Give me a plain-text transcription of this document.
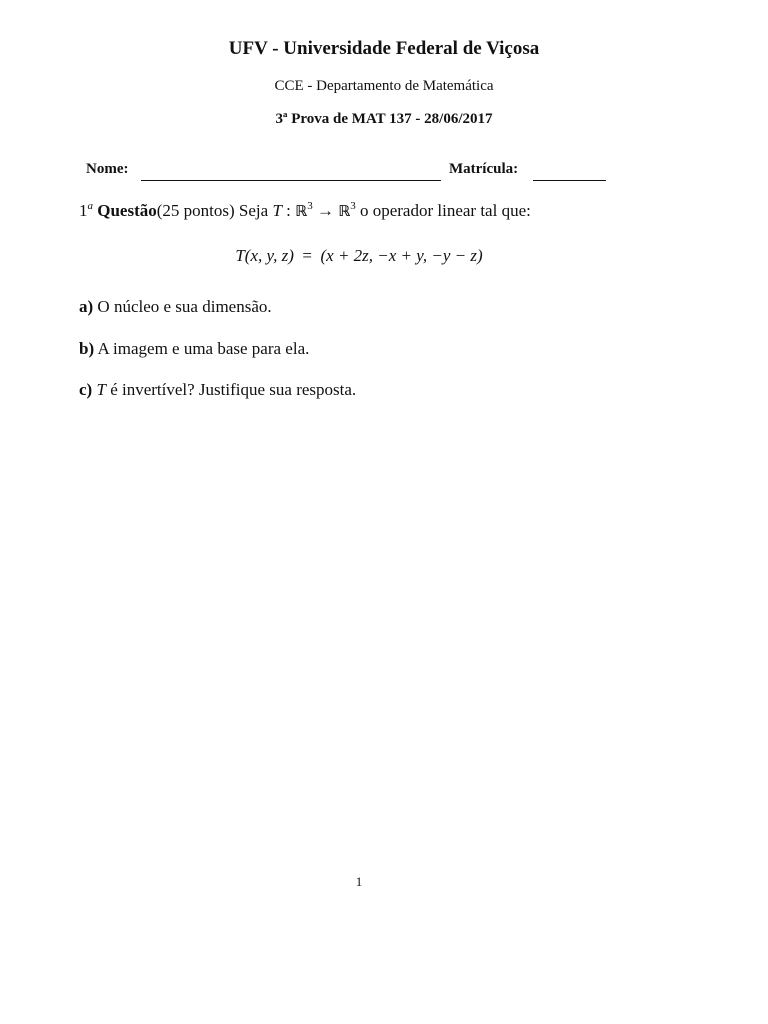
UFV - Universidade Federal de Viçosa
CCE - Departamento de Matemática
3ª Prova de MAT 137 - 28/06/2017
Nome:	Matrícula:
1$^a$ Questão(25 pontos) Seja T : ℝ$^3$ → ℝ$^3$ o operador linear tal que:
T(x, y, z) = (x + 2z, −x + y, −y − z)
a) O núcleo e sua dimensão.
b) A imagem e uma base para ela.
c) T é invertível? Justifique sua resposta.
1
